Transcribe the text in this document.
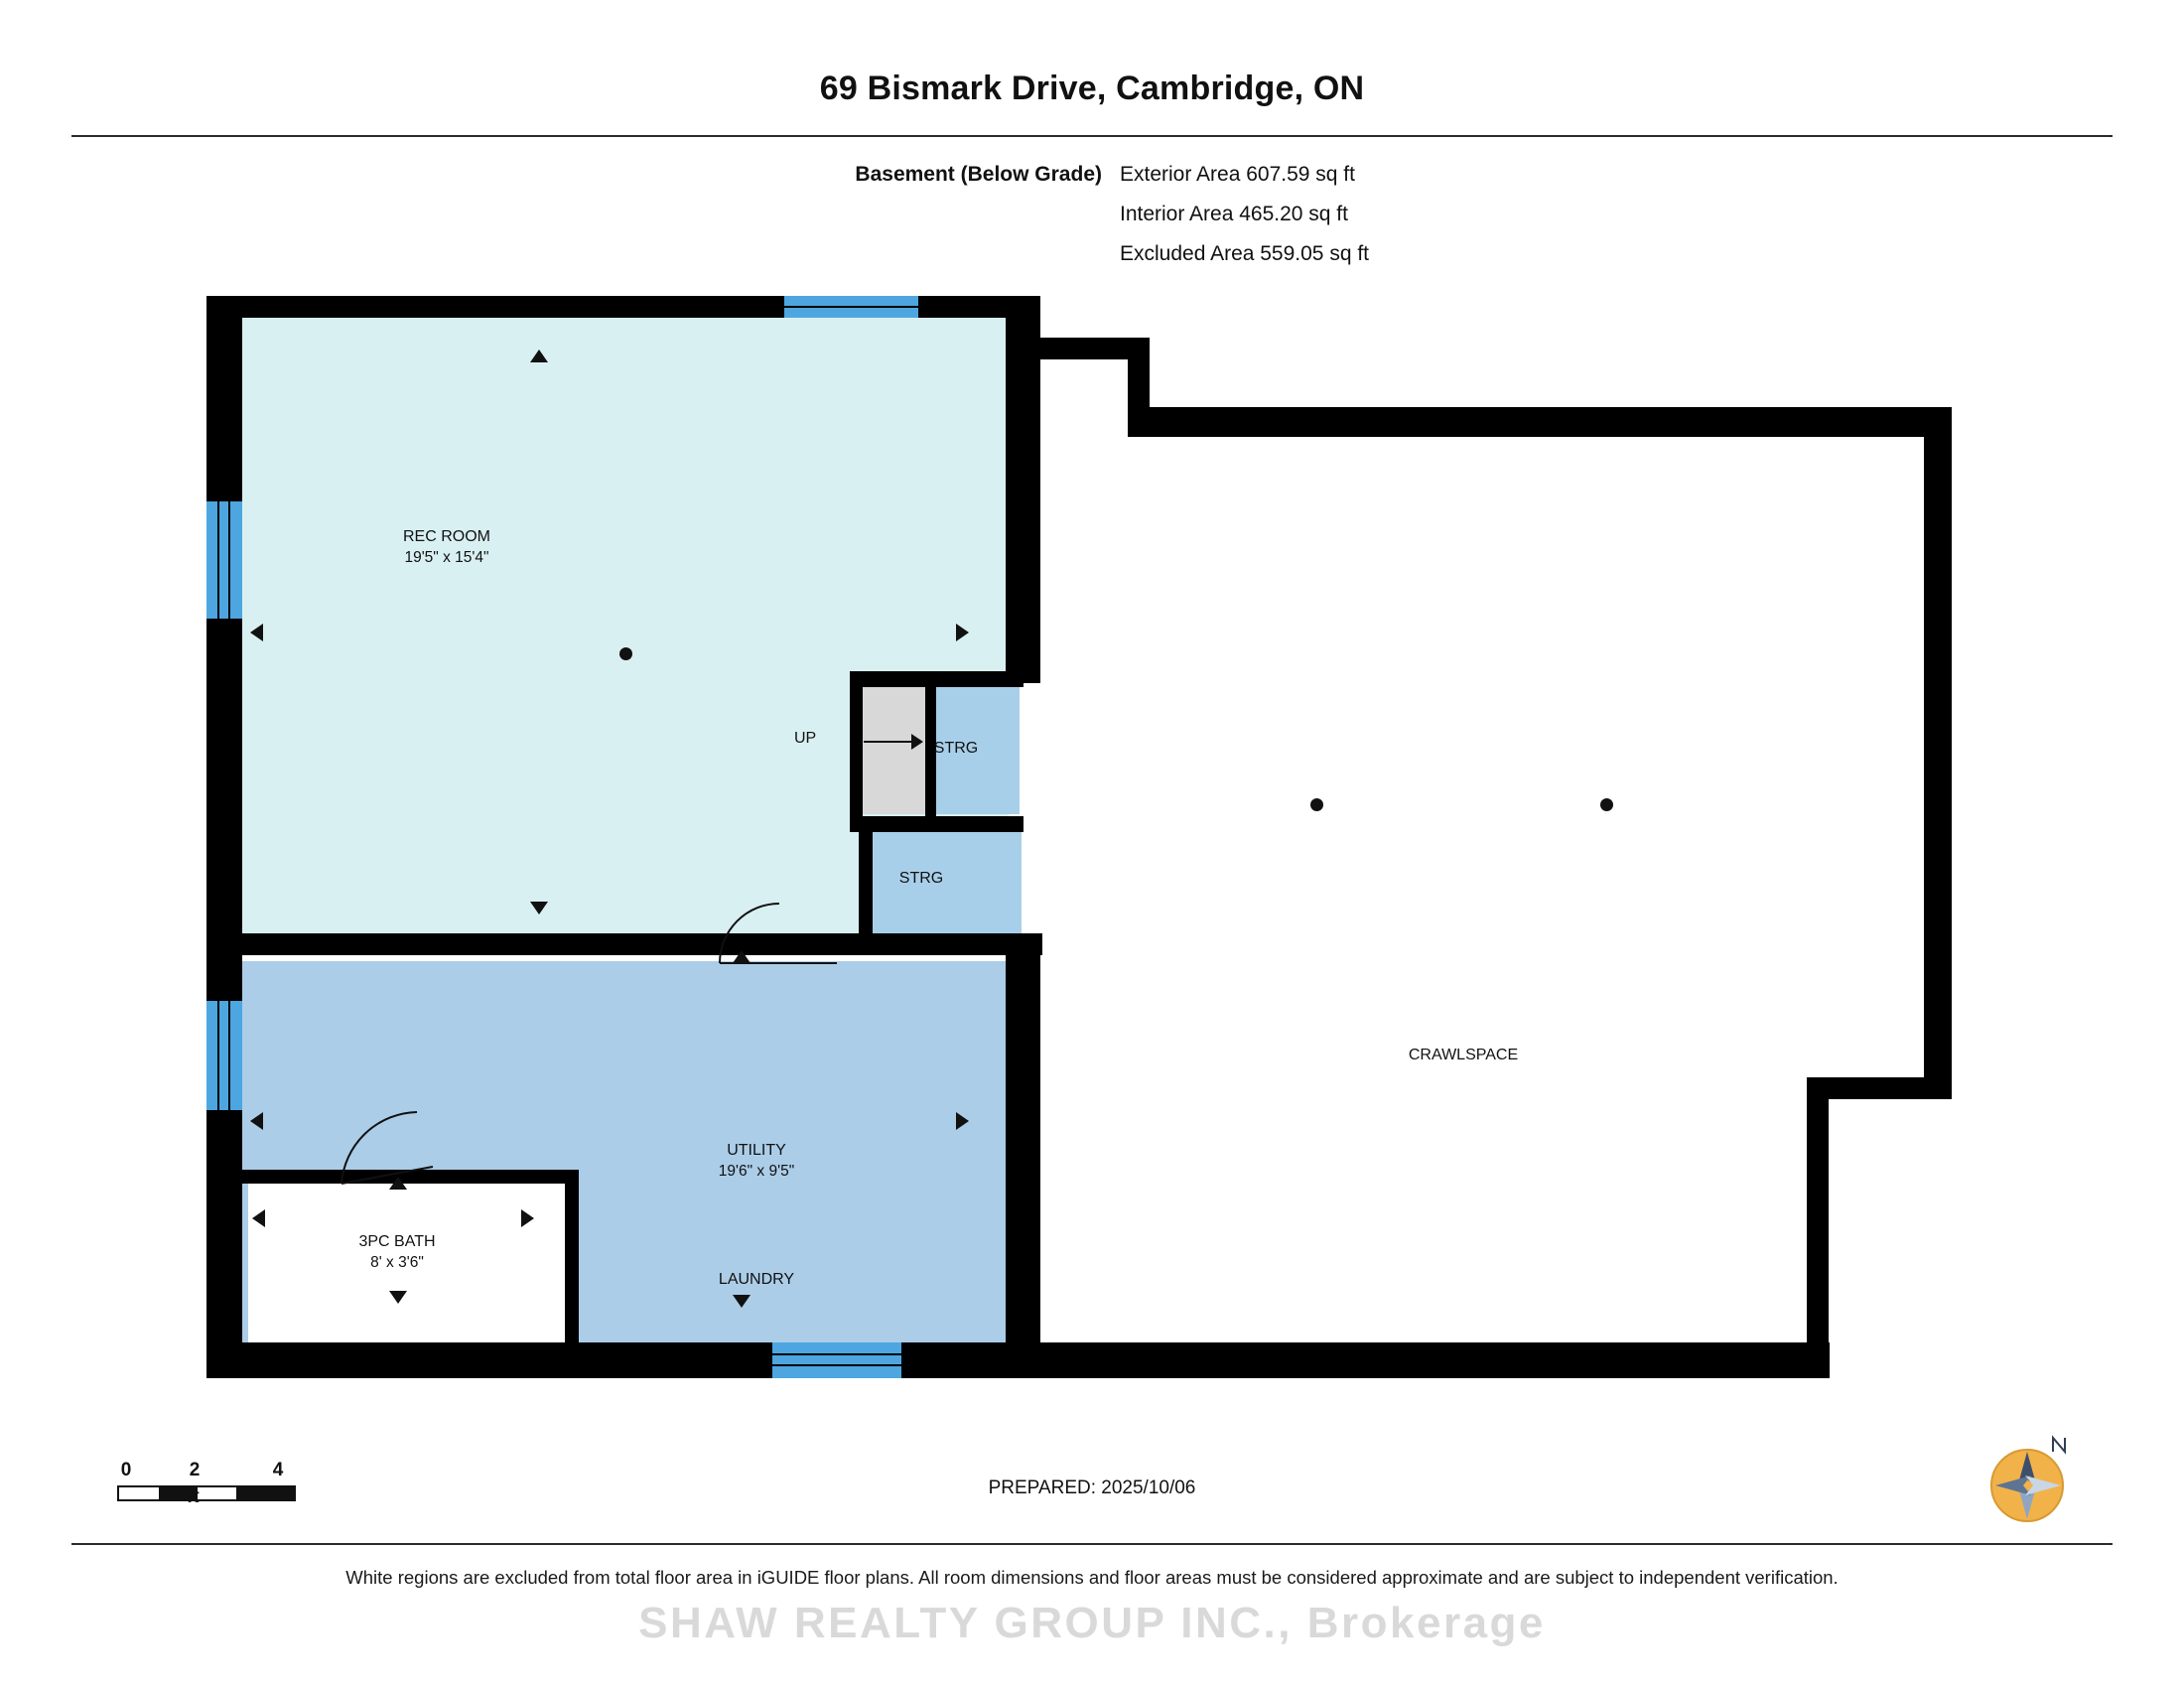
69 Bismark Drive, Cambridge, ON
Basement (Below Grade) Exterior Area 607.59 sq ft
Interior Area 465.20 sq ft
Excluded Area 559.05 sq ft
UP
REC ROOM
19'5" x 15'4"
UTILITY
19'6" x 9'5"
LAUNDRY
3PC BATH
8' x 3'6"
STRG
STRG
CRAWLSPACE
0	2	4
ft	PREPARED: 2025/10/06
White regions are excluded from total floor area in iGUIDE floor plans. All room dimensions and floor areas must be considered approximate and are subject to independent verification.
SHAW REALTY GROUP INC., Brokerage
